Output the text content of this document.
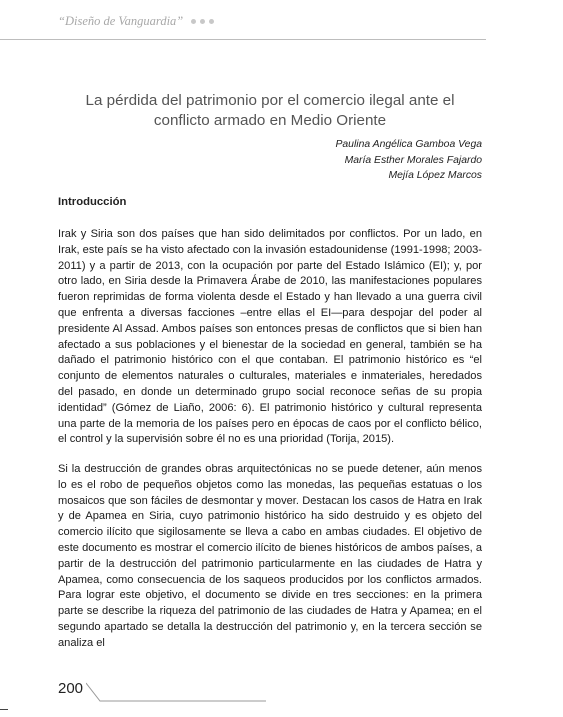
“Diseño de Vanguardia”
La pérdida del patrimonio por el comercio ilegal ante el conflicto armado en Medio Oriente
Paulina Angélica Gamboa Vega
María Esther Morales Fajardo
Mejía López Marcos
Introducción

Irak y Siria son dos países que han sido delimitados por conflictos. Por un lado, en Irak, este país se ha visto afectado con la invasión estadounidense (1991-1998; 2003-2011) y a partir de 2013, con la ocupación por parte del Estado Islámico (EI); y, por otro lado, en Siria desde la Primavera Árabe de 2010, las manifestaciones populares fueron reprimidas de forma violenta desde el Estado y han llevado a una guerra civil que enfrenta a diversas facciones –entre ellas el EI—para despojar del poder al presidente Al Assad. Ambos países son entonces presas de conflictos que si bien han afectado a sus poblaciones y el bienestar de la sociedad en general, también se ha dañado el patrimonio histórico con el que contaban. El patrimonio histórico es “el conjunto de elementos naturales o culturales, materiales e inmateriales, heredados del pasado, en donde un determinado grupo social reconoce señas de su propia identidad” (Gómez de Liaño, 2006: 6). El patrimonio histórico y cultural representa una parte de la memoria de los países pero en épocas de caos por el conflicto bélico, el control y la supervisión sobre él no es una prioridad (Torija, 2015).

Si la destrucción de grandes obras arquitectónicas no se puede detener, aún menos lo es el robo de pequeños objetos como las monedas, las pequeñas estatuas o los mosaicos que son fáciles de desmontar y mover. Destacan los casos de Hatra en Irak y de Apamea en Siria, cuyo patrimonio histórico ha sido destruido y es objeto del comercio ilícito que sigilosamente se lleva a cabo en ambas ciudades. El objetivo de este documento es mostrar el comercio ilícito de bienes históricos de ambos países, a partir de la destrucción del patrimonio particularmente en las ciudades de Hatra y Apamea, como consecuencia de los saqueos producidos por los conflictos armados. Para lograr este objetivo, el documento se divide en tres secciones: en la primera parte se describe la riqueza del patrimonio de las ciudades de Hatra y Apamea; en el segundo apartado se detalla la destrucción del patrimonio y, en la tercera sección se analiza el

200
